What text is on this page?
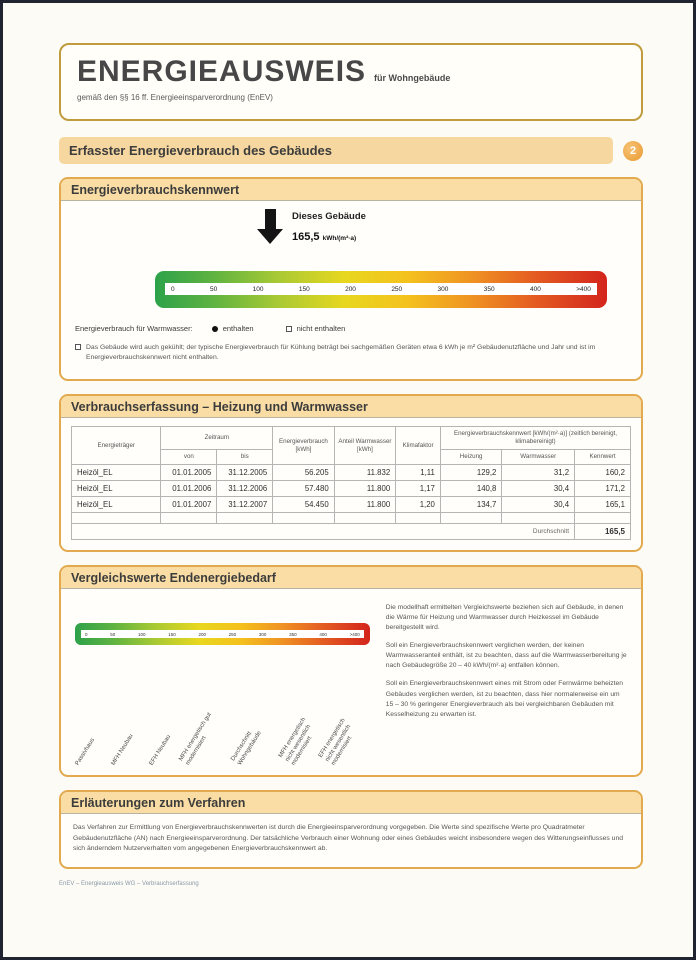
ENERGIEAUSWEIS für Wohngebäude
gemäß den §§ 16 ff. Energieeinsparverordnung (EnEV)
Erfasster Energieverbrauch des Gebäudes	2
Energieverbrauchskennwert
Dieses Gebäude
165,5 kWh/(m²·a)
0	50	100	150	200	250	300	350	400	>400
Energieverbrauch für Warmwasser:	enthalten	nicht enthalten
Das Gebäude wird auch gekühlt; der typische Energieverbrauch für Kühlung beträgt bei sachgemäßen Geräten etwa 6 kWh je m² Gebäudenutzfläche und Jahr und ist im Energieverbrauchskennwert nicht enthalten.
Verbrauchserfassung – Heizung und Warmwasser
Energieträger	Zeitraum		Energieverbrauch [kWh]	Anteil Warmwasser [kWh]	Klimafaktor	Energieverbrauchskennwert [kWh/(m²·a)] (zeitlich bereinigt, klimabereinigt)		
	von	bis				Heizung	Warmwasser	Kennwert
Heizöl_EL	01.01.2005	31.12.2005	56.205	11.832	1,11	129,2	31,2	160,2
Heizöl_EL	01.01.2006	31.12.2006	57.480	11.800	1,17	140,8	30,4	171,2
Heizöl_EL	01.01.2007	31.12.2007	54.450	11.800	1,20	134,7	30,4	165,1

Durchschnitt								165,5
Vergleichswerte Endenergiebedarf
0	50	100	150	200	250	300	350	400	>400
Passivhaus	MFH Neubau	EFH Neubau	MFH energetisch gut modernisiert	Durchschnitt Wohngebäude	MFH energetisch nicht wesentlich modernisiert EFH energetisch nicht wesentlich modernisiert

Die modellhaft ermittelten Vergleichswerte beziehen sich auf Gebäude, in denen die Wärme für Heizung und Warmwasser durch Heizkessel im Gebäude bereitgestellt wird.

Soll ein Energieverbrauchskennwert verglichen werden, der keinen Warmwasseranteil enthält, ist zu beachten, dass auf die Warmwasserbereitung je nach Gebäudegröße 20 – 40 kWh/(m²·a) entfallen können.

Soll ein Energieverbrauchskennwert eines mit Strom oder Fernwärme beheizten Gebäudes verglichen werden, ist zu beachten, dass hier normalerweise ein um 15 – 30 % geringerer Energieverbrauch als bei vergleichbaren Gebäuden mit Kesselheizung zu erwarten ist.

Erläuterungen zum Verfahren
Das Verfahren zur Ermittlung von Energieverbrauchskennwerten ist durch die Energieeinsparverordnung vorgegeben. Die Werte sind spezifische Werte pro Quadratmeter Gebäudenutzfläche (AN) nach Energieeinsparverordnung. Der tatsächliche Verbrauch einer Wohnung oder eines Gebäudes weicht insbesondere wegen des Witterungseinflusses und sich änderndem Nutzerverhalten vom angegebenen Energieverbrauchskennwert ab.
EnEV – Energieausweis WG – Verbrauchserfassung
